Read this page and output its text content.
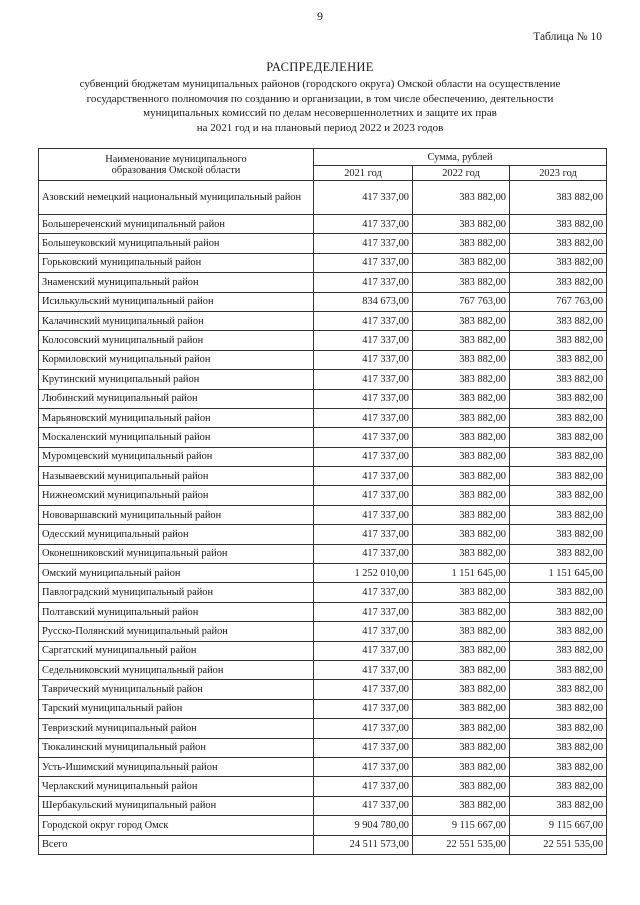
9
Таблица № 10
РАСПРЕДЕЛЕНИЕ
субвенций бюджетам муниципальных районов (городского округа) Омской области на осуществление
государственного полномочия по созданию и организации, в том числе обеспечению, деятельности
муниципальных комиссий по делам несовершеннолетних и защите их прав
на 2021 год и на плановый период 2022 и 2023 годов
Наименование муниципального
образования Омской области	Сумма, рублей		
	2021 год	2022 год	2023 год
Азовский немецкий национальный муниципальный район	417 337,00	383 882,00	383 882,00
Большереченский муниципальный район	417 337,00	383 882,00	383 882,00
Большеуковский муниципальный район	417 337,00	383 882,00	383 882,00
Горьковский муниципальный район	417 337,00	383 882,00	383 882,00
Знаменский муниципальный район	417 337,00	383 882,00	383 882,00
Исилькульский муниципальный район	834 673,00	767 763,00	767 763,00
Калачинский муниципальный район	417 337,00	383 882,00	383 882,00
Колосовский муниципальный район	417 337,00	383 882,00	383 882,00
Кормиловский муниципальный район	417 337,00	383 882,00	383 882,00
Крутинский муниципальный район	417 337,00	383 882,00	383 882,00
Любинский муниципальный район	417 337,00	383 882,00	383 882,00
Марьяновский муниципальный район	417 337,00	383 882,00	383 882,00
Москаленский муниципальный район	417 337,00	383 882,00	383 882,00
Муромцевский муниципальный район	417 337,00	383 882,00	383 882,00
Называевский муниципальный район	417 337,00	383 882,00	383 882,00
Нижнеомский муниципальный район	417 337,00	383 882,00	383 882,00
Нововаршавский муниципальный район	417 337,00	383 882,00	383 882,00
Одесский муниципальный район	417 337,00	383 882,00	383 882,00
Оконешниковский муниципальный район	417 337,00	383 882,00	383 882,00
Омский муниципальный район	1 252 010,00	1 151 645,00	1 151 645,00
Павлоградский муниципальный район	417 337,00	383 882,00	383 882,00
Полтавский муниципальный район	417 337,00	383 882,00	383 882,00
Русско-Полянский муниципальный район	417 337,00	383 882,00	383 882,00
Саргатский муниципальный район	417 337,00	383 882,00	383 882,00
Седельниковский муниципальный район	417 337,00	383 882,00	383 882,00
Таврический муниципальный район	417 337,00	383 882,00	383 882,00
Тарский муниципальный район	417 337,00	383 882,00	383 882,00
Тевризский муниципальный район	417 337,00	383 882,00	383 882,00
Тюкалинский муниципальный район	417 337,00	383 882,00	383 882,00
Усть-Ишимский муниципальный район	417 337,00	383 882,00	383 882,00
Черлакский муниципальный район	417 337,00	383 882,00	383 882,00
Шербакульский муниципальный район	417 337,00	383 882,00	383 882,00
Городской округ город Омск	9 904 780,00	9 115 667,00	9 115 667,00
Всего	24 511 573,00	22 551 535,00	22 551 535,00
